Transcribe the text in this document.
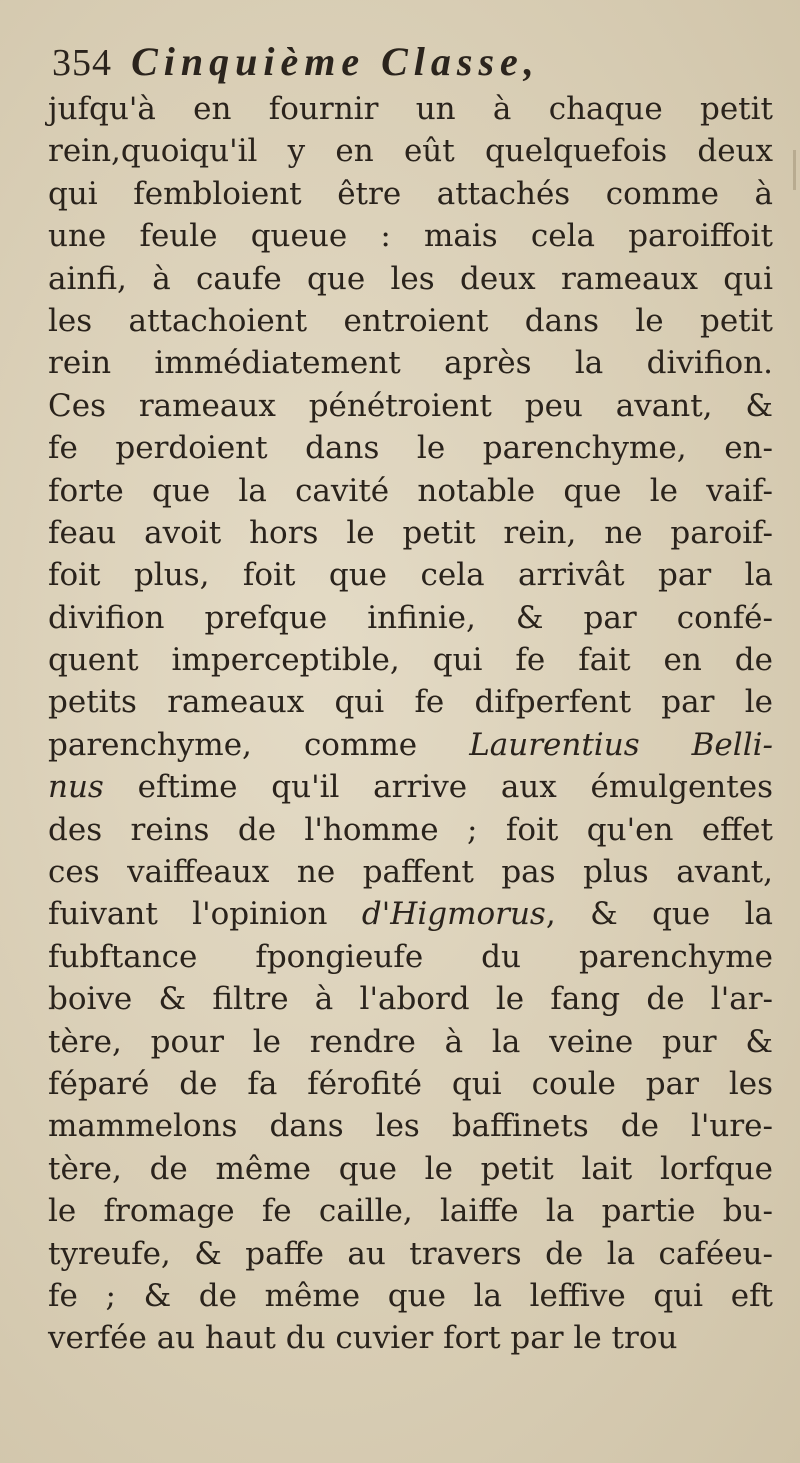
354 Cinquième Classe,
jufqu'à en fournir un à chaque petit
rein,quoiqu'il y en eût quelquefois deux
qui fembloient être attachés comme à
une feule queue : mais cela paroiffoit
ainfi, à caufe que les deux rameaux qui
les attachoient entroient dans le petit
rein immédiatement après la divifion.
Ces rameaux pénétroient peu avant, &
fe perdoient dans le parenchyme, en-
forte que la cavité notable que le vaif-
feau avoit hors le petit rein, ne paroif-
foit plus, foit que cela arrivât par la
divifion prefque infinie, & par confé-
quent imperceptible, qui fe fait en de
petits rameaux qui fe difperfent par le
parenchyme, comme Laurentius Belli-
nus eftime qu'il arrive aux émulgentes
des reins de l'homme ; foit qu'en effet
ces vaiffeaux ne paffent pas plus avant,
fuivant l'opinion d'Higmorus, & que la
fubftance fpongieufe du parenchyme
boive & filtre à l'abord le fang de l'ar-
tère, pour le rendre à la veine pur &
féparé de fa férofité qui coule par les
mammelons dans les baffinets de l'ure-
tère, de même que le petit lait lorfque
le fromage fe caille, laiffe la partie bu-
tyreufe, & paffe au travers de la caféeu-
fe ; & de même que la leffive qui eft
verfée au haut du cuvier fort par le trou
